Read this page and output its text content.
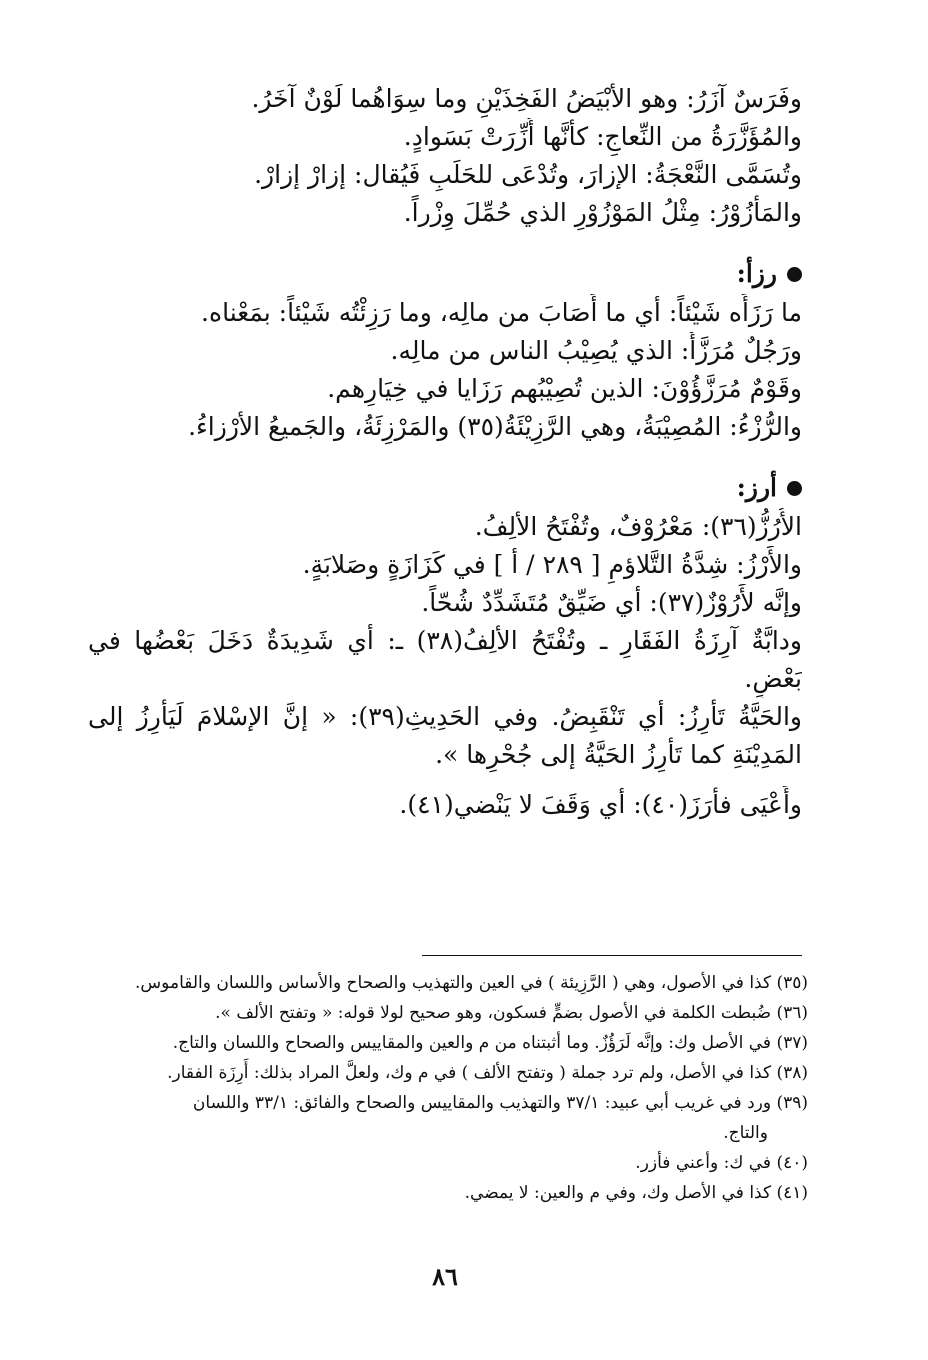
وفَرَسٌ آزَرُ: وهو الأبْيَضُ الفَخِذَيْنِ وما سِوَاهُما لَوْنٌ آخَرُ.
والمُؤَزَّرَةُ من النِّعاجِ: كأنَّها أُزِّرَتْ بَسَوادٍ.
وتُسَمَّى النَّعْجَةُ: الإزارَ، وتُدْعَى للحَلَبِ فَيُقال: إزارْ إزارْ.
والمَأْزُوْرُ: مِثْلُ المَوْزُوْرِ الذي حُمِّلَ وِزْراً.
رزأ:
ما رَزَأَه شَيْئاً: أي ما أَصَابَ من مالِه، وما رَزِئْتُه شَيْئاً: بمَعْناه.
ورَجُلٌ مُرَزَّأٌ: الذي يُصِيْبُ الناس من مالِه.
وقَوْمٌ مُرَزَّؤُوْنَ: الذين تُصِيْبُهم رَزَايا في خِيَارِهم.
والرُّزْءُ: المُصِيْبَةُ، وهي الرَّزِيْئَةُ(٣٥) والمَرْزِئَةُ، والجَميعُ الأرْزاءُ.
أرز:
الأُرُزُّ(٣٦): مَعْرُوْفٌ، وتُفْتَحُ الألِفُ.
والأَرْزُ: شِدَّةُ التَّلاؤمِ [ ٢٨٩ / أ ] في كَزَازَةٍ وصَلابَةٍ.
وإنَّه لأَرُوْزٌ(٣٧): أي ضَيِّقٌ مُتَشَدِّدٌ شُحّاً.
ودابَّةٌ آرِزَةُ الفَقَارِ ـ وتُفْتَحُ الألِفُ(٣٨) ـ: أي شَدِيدَةٌ دَخَلَ بَعْضُها في
بَعْضٍ.
والحَيَّةُ تَأْرِزُ: أي تَنْقَبِضُ. وفي الحَدِيثِ(٣٩): « إنَّ الإسْلامَ لَيَأْرِزُ إلى
المَدِيْنَةِ كما تَأْرِزُ الحَيَّةُ إلى جُحْرِها ».
وأَعْيَى فأَرَزَ(٤٠): أي وَقَفَ لا يَنْضي(٤١).
(٣٥) كذا في الأصول، وهي ( الرَّزِيئة ) في العين والتهذيب والصحاح والأساس واللسان والقاموس.
(٣٦) ضُبطت الكلمة في الأصول بضمٍّ فسكون، وهو صحيح لولا قوله: « وتفتح الألف ».
(٣٧) في الأصل وك: وإنَّه لَرَؤُزٌ. وما أثبتناه من م والعين والمقاييس والصحاح واللسان والتاج.
(٣٨) كذا في الأصل، ولم ترد جملة ( وتفتح الألف ) في م وك، ولعلَّ المراد بذلك: أَرِزَة الفقار.
(٣٩) ورد في غريب أبي عبيد: ٣٧/١ والتهذيب والمقاييس والصحاح والفائق: ٣٣/١ واللسان
والتاج.
(٤٠) في ك: وأعني فأزر.
(٤١) كذا في الأصل وك، وفي م والعين: لا يمضي.
٨٦
